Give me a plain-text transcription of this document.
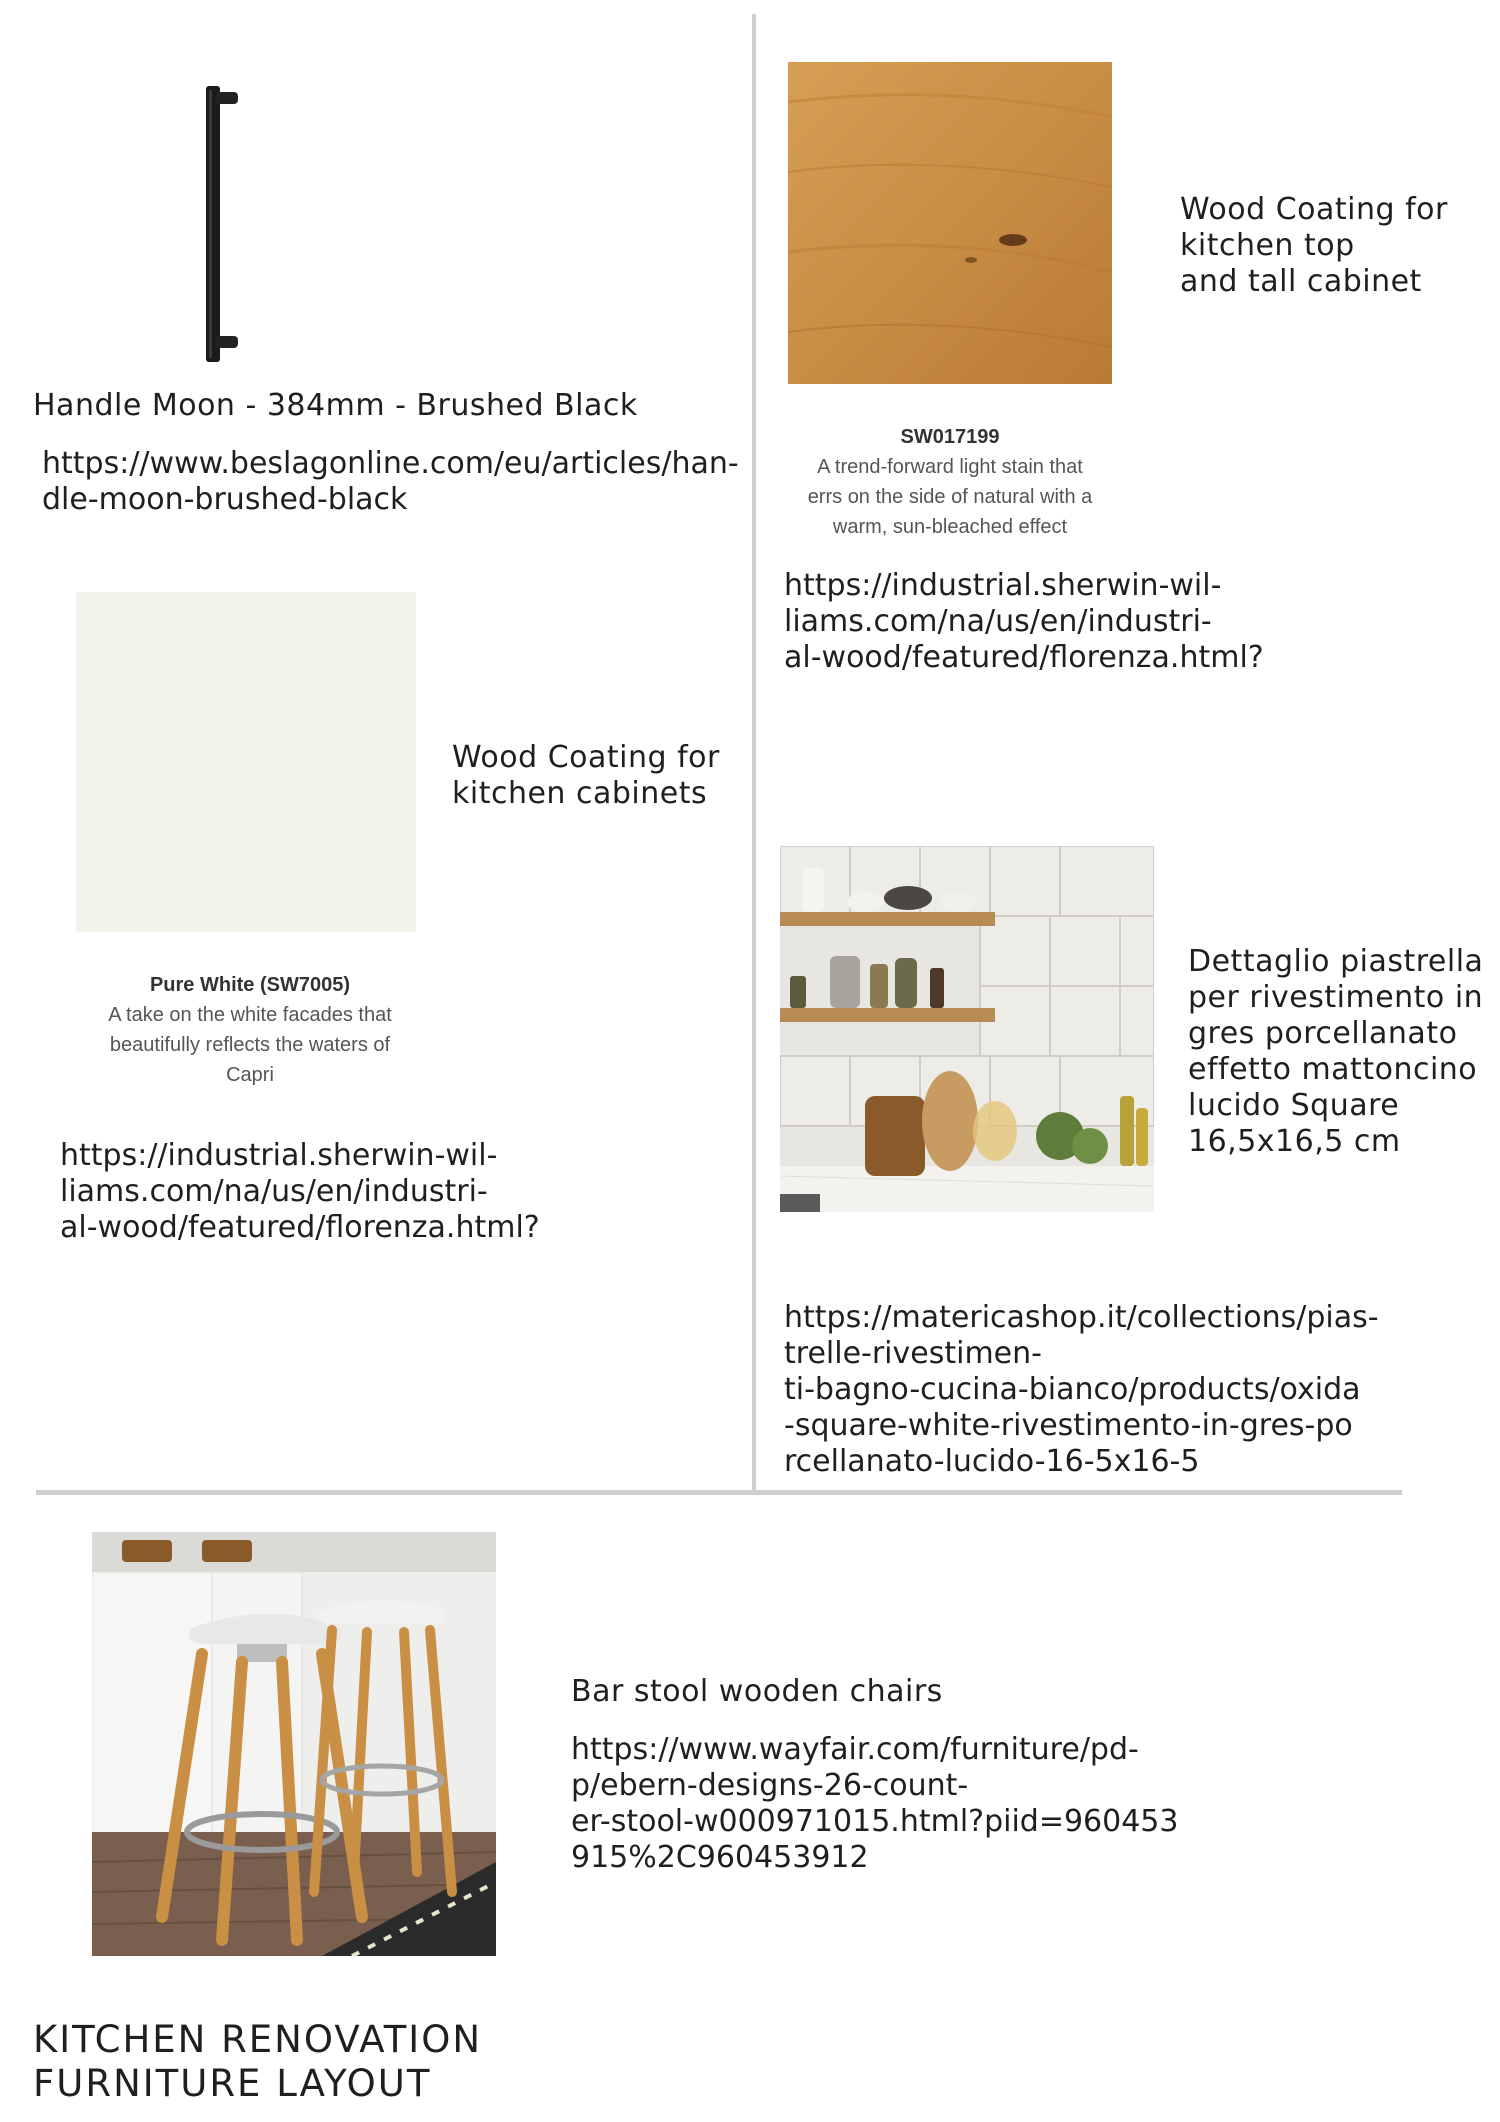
Handle Moon - 384mm - Brushed Black
https://www.beslagonline.com/eu/articles/han-
dle-moon-brushed-black
Wood Coating for
kitchen top
and tall cabinet
SW017199
A trend-forward light stain that
errs on the side of natural with a
warm, sun-bleached effect
https://industrial.sherwin-wil-
liams.com/na/us/en/industri-
al-wood/featured/florenza.html?
Wood Coating for
kitchen cabinets
Pure White (SW7005)
A take on the white facades that
beautifully reflects the waters of
Capri
https://industrial.sherwin-wil-
liams.com/na/us/en/industri-
al-wood/featured/florenza.html?
Dettaglio piastrella
per rivestimento in
gres porcellanato
effetto mattoncino
lucido Square
16,5x16,5 cm
https://matericashop.it/collections/pias-
trelle-rivestimen-
ti-bagno-cucina-bianco/products/oxida
-square-white-rivestimento-in-gres-po
rcellanato-lucido-16-5x16-5
Bar stool wooden chairs
https://www.wayfair.com/furniture/pd-
p/ebern-designs-26-count-
er-stool-w000971015.html?piid=960453
915%2C960453912
KITCHEN RENOVATION
FURNITURE LAYOUT
